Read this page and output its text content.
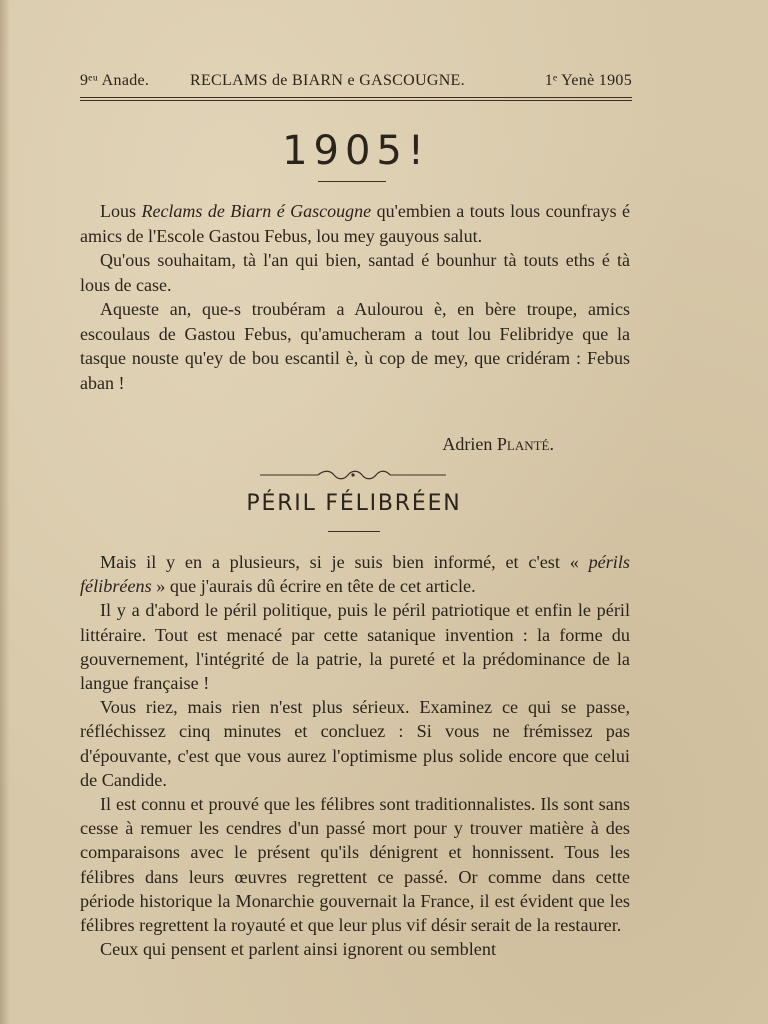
9ᵉᵘ Anade.	RECLAMS de BIARN e GASCOUGNE.	1ᵉ Yenè 1905
1905!

Lous Reclams de Biarn é Gascougne qu'embien a touts lous counfrays é amics de l'Escole Gastou Febus, lou mey gauyous salut.

Qu'ous souhaitam, tà l'an qui bien, santad é bounhur tà touts eths é tà lous de case.

Aqueste an, que-s troubéram a Aulourou è, en bère troupe, amics escoulaus de Gastou Febus, qu'amucheram a tout lou Felibridye que la tasque nouste qu'ey de bou escantil è, ù cop de mey, que cridéram : Febus aban !

Adrien Planté.
PÉRIL FÉLIBRÉEN

Mais il y en a plusieurs, si je suis bien informé, et c'est « périls félibréens » que j'aurais dû écrire en tête de cet article.

Il y a d'abord le péril politique, puis le péril patriotique et enfin le péril littéraire. Tout est menacé par cette satanique invention : la forme du gouvernement, l'intégrité de la patrie, la pureté et la prédominance de la langue française !

Vous riez, mais rien n'est plus sérieux. Examinez ce qui se passe, réfléchissez cinq minutes et concluez : Si vous ne frémissez pas d'épouvante, c'est que vous aurez l'optimisme plus solide encore que celui de Candide.

Il est connu et prouvé que les félibres sont traditionnalistes. Ils sont sans cesse à remuer les cendres d'un passé mort pour y trouver matière à des comparaisons avec le présent qu'ils dénigrent et honnissent. Tous les félibres dans leurs œuvres regrettent ce passé. Or comme dans cette période historique la Monarchie gouvernait la France, il est évident que les félibres regrettent la royauté et que leur plus vif désir serait de la restaurer.

Ceux qui pensent et parlent ainsi ignorent ou semblent
